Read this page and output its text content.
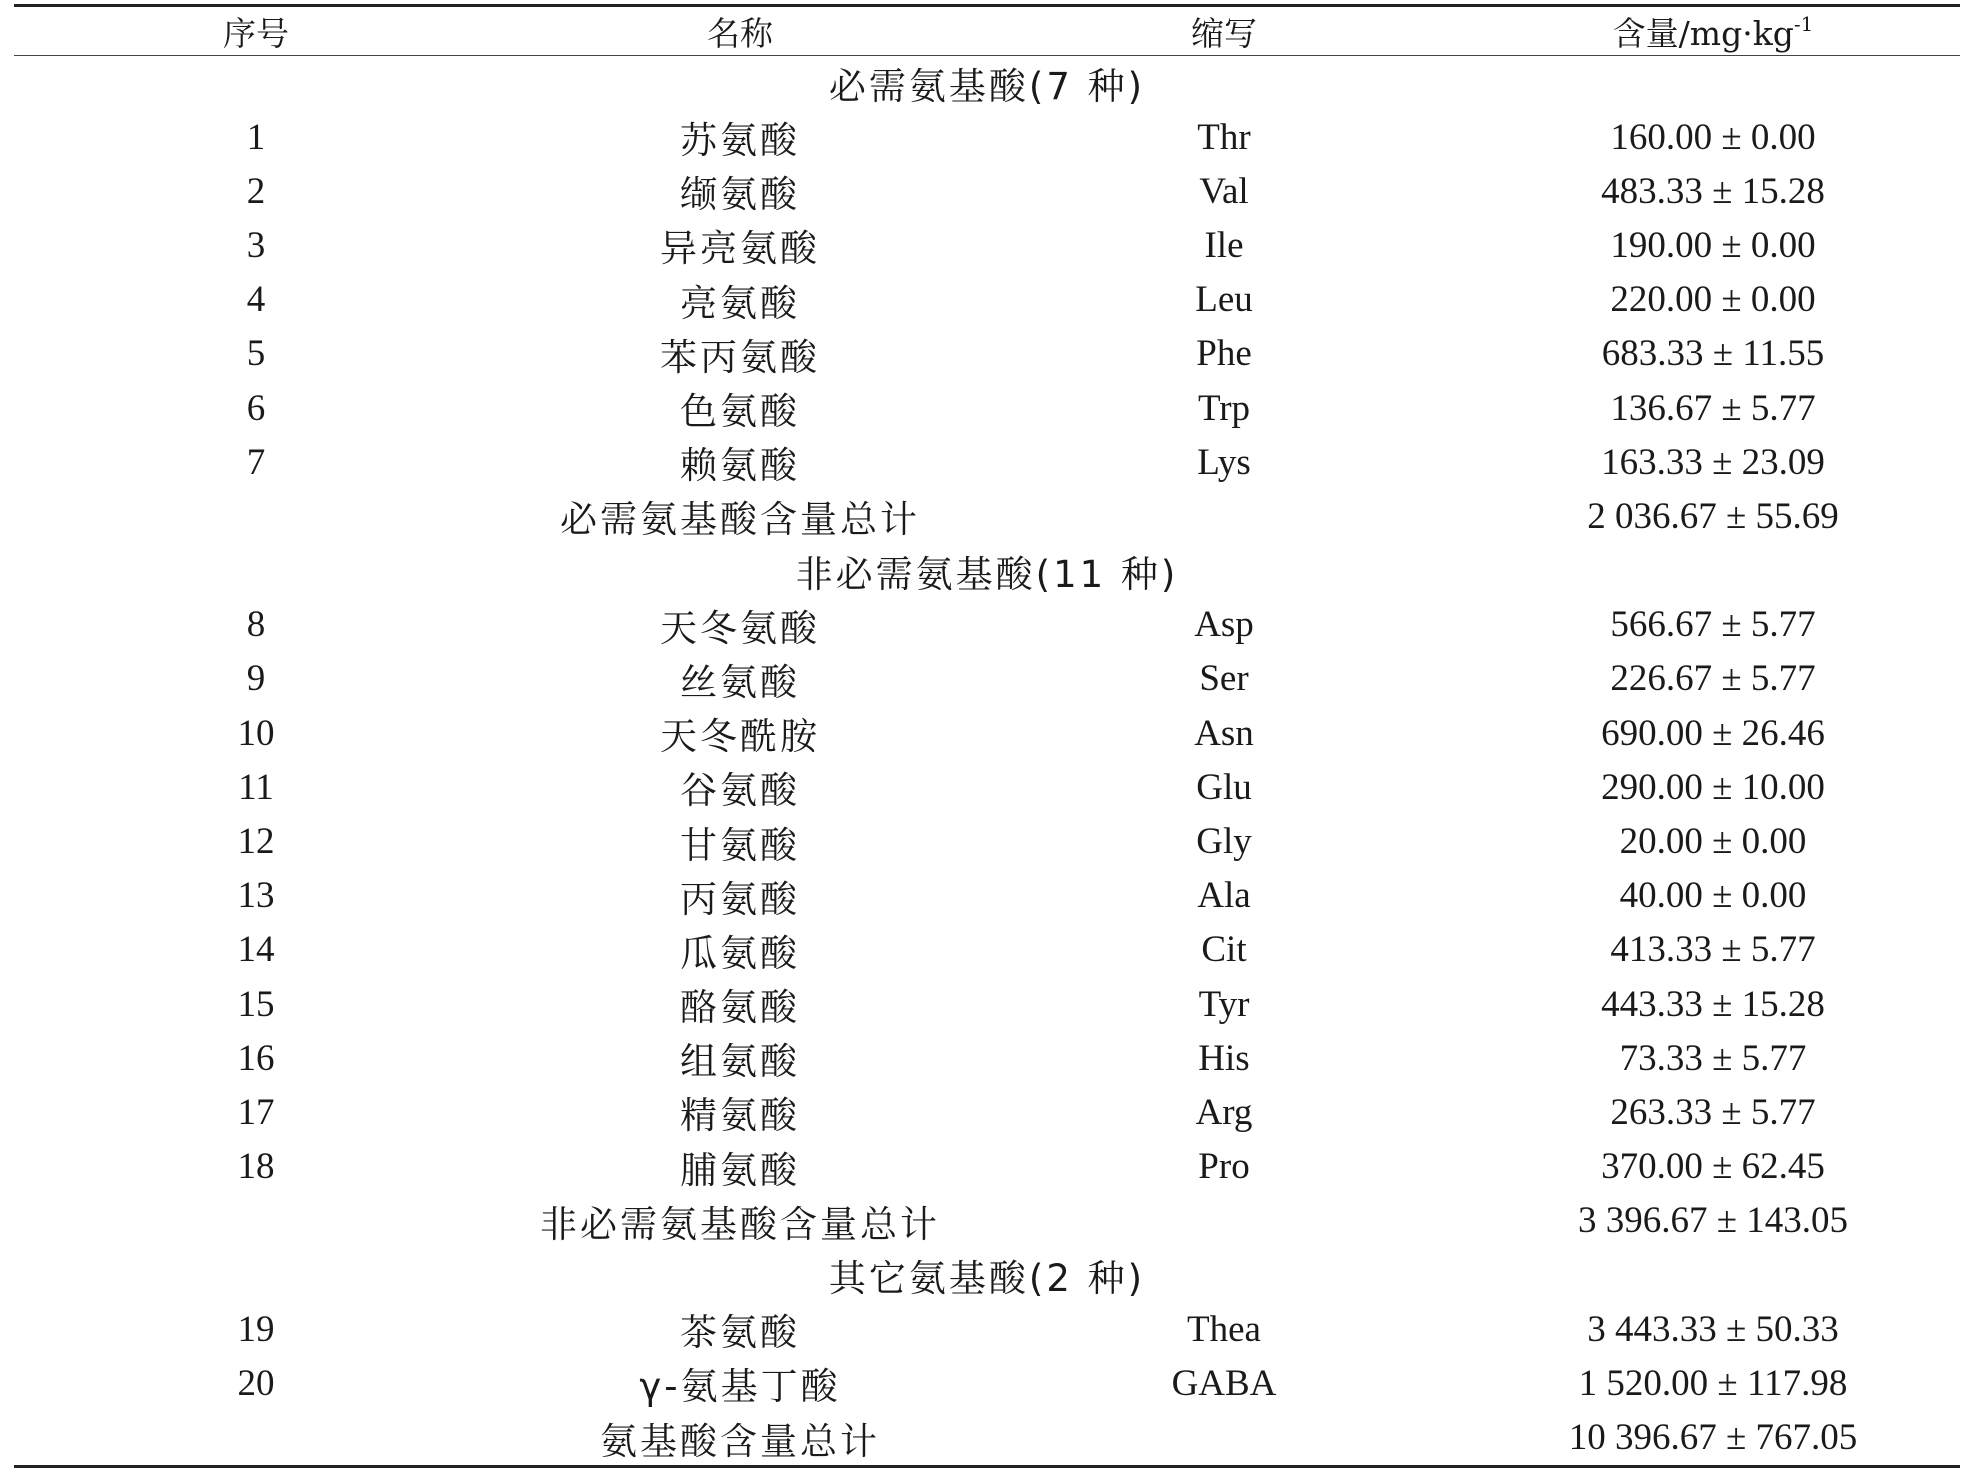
序号	名称	缩写	含量$/mg\cdot kg^{-1}$
必需氨基酸(7 种)			
1	苏氨酸	Thr	160.00 ± 0.00
2	缬氨酸	Val	483.33 ± 15.28
3	异亮氨酸	Ile	190.00 ± 0.00
4	亮氨酸	Leu	220.00 ± 0.00
5	苯丙氨酸	Phe	683.33 ± 11.55
6	色氨酸	Trp	136.67 ± 5.77
7	赖氨酸	Lys	163.33 ± 23.09
	必需氨基酸含量总计		2 036.67 ± 55.69
非必需氨基酸(11 种)			
8	天冬氨酸	Asp	566.67 ± 5.77
9	丝氨酸	Ser	226.67 ± 5.77
10	天冬酰胺	Asn	690.00 ± 26.46
11	谷氨酸	Glu	290.00 ± 10.00
12	甘氨酸	Gly	20.00 ± 0.00
13	丙氨酸	Ala	40.00 ± 0.00
14	瓜氨酸	Cit	413.33 ± 5.77
15	酪氨酸	Tyr	443.33 ± 15.28
16	组氨酸	His	73.33 ± 5.77
17	精氨酸	Arg	263.33 ± 5.77
18	脯氨酸	Pro	370.00 ± 62.45
	非必需氨基酸含量总计		3 396.67 ± 143.05
其它氨基酸(2 种)			
19	茶氨酸	Thea	3 443.33 ± 50.33
20	γ-氨基丁酸	GABA	1 520.00 ± 117.98
	氨基酸含量总计		10 396.67 ± 767.05
